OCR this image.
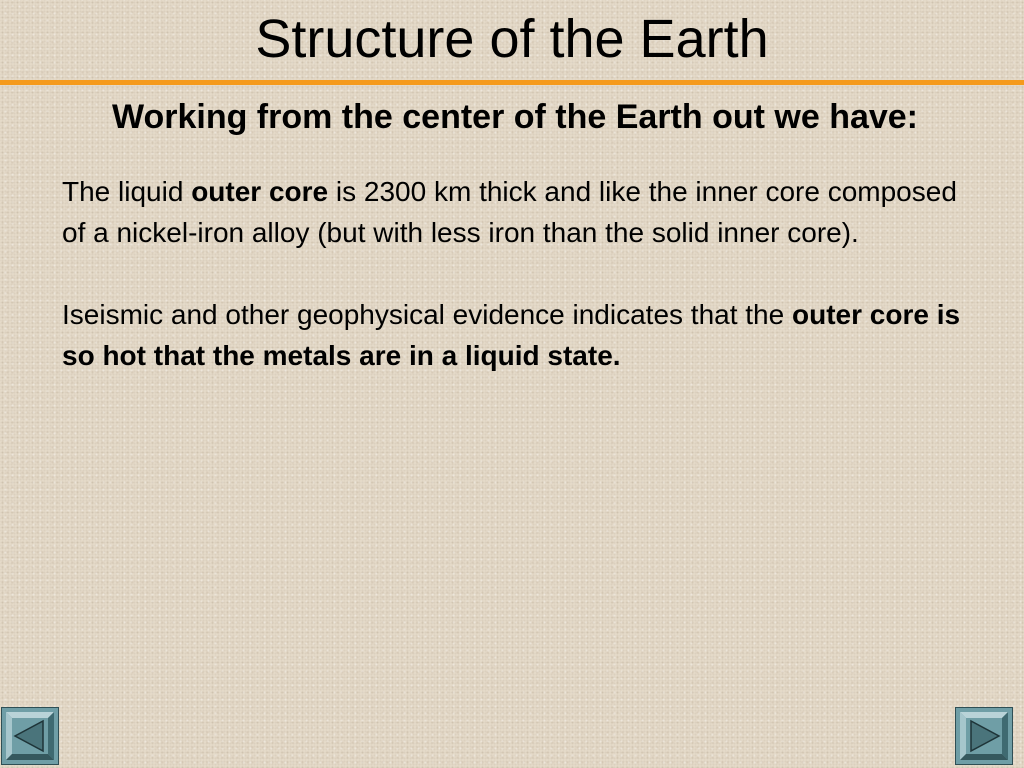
Structure of the Earth
Working from the center of the Earth out we have:

The liquid outer core is 2300 km thick and like the inner core composed of a nickel-iron alloy (but with less iron than the solid inner core).

Iseismic and other geophysical evidence indicates that the outer core is so hot that the metals are in a liquid state.
